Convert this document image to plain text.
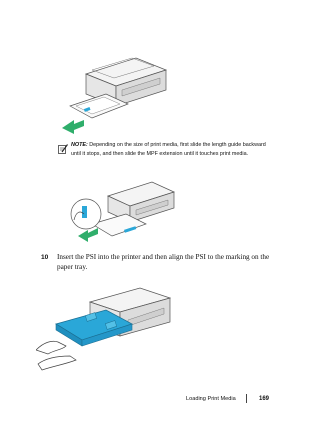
NOTE: Depending on the size of print media, first slide the length guide backward until it stops, and then slide the MPF extension until it touches print media.
10 Insert the PSI into the printer and then align the PSI to the marking on the paper tray.
Loading Print Media	169
